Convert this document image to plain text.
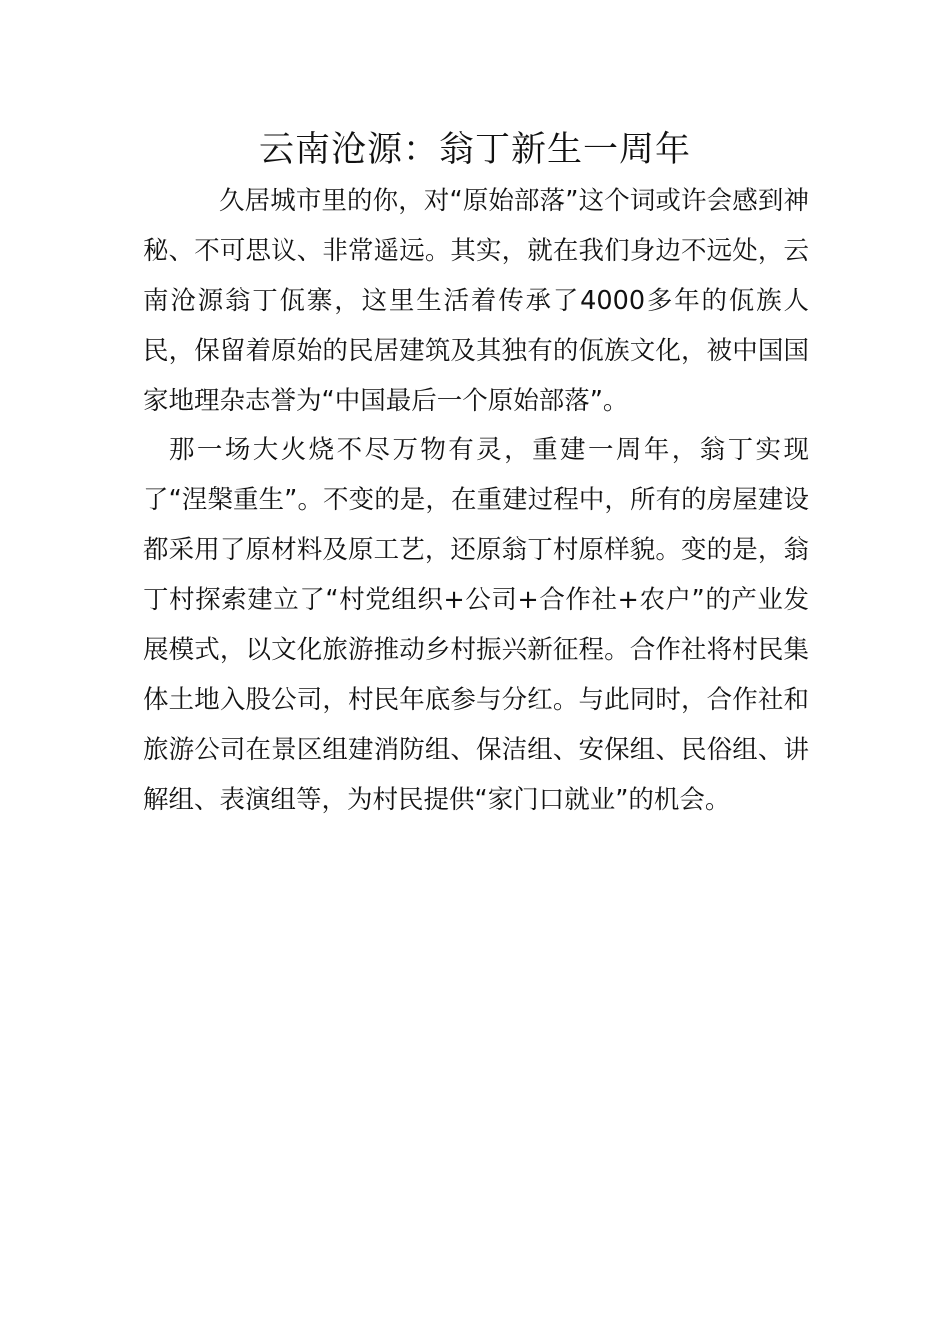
云南沧源：翁丁新生一周年

久居城市里的你，对“原始部落”这个词或许会感到神秘、不可思议、非常遥远。其实，就在我们身边不远处，云南沧源翁丁佤寨，这里生活着传承了4000多年的佤族人民，保留着原始的民居建筑及其独有的佤族文化，被中国国家地理杂志誉为“中国最后一个原始部落”。

那一场大火烧不尽万物有灵，重建一周年，翁丁实现了“涅槃重生”。不变的是，在重建过程中，所有的房屋建设都采用了原材料及原工艺，还原翁丁村原样貌。变的是，翁丁村探索建立了“村党组织+公司+合作社+农户”的产业发展模式，以文化旅游推动乡村振兴新征程。合作社将村民集体土地入股公司，村民年底参与分红。与此同时，合作社和旅游公司在景区组建消防组、保洁组、安保组、民俗组、讲解组、表演组等，为村民提供“家门口就业”的机会。
